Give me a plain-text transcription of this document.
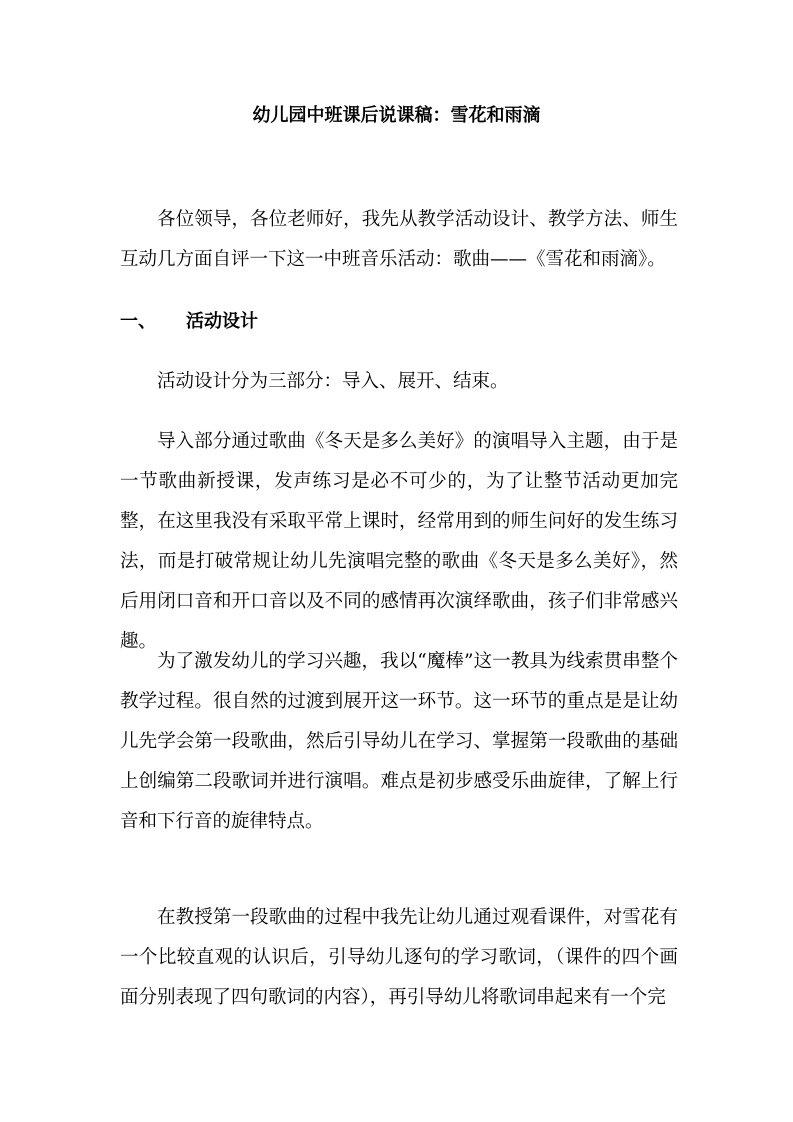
幼儿园中班课后说课稿：雪花和雨滴

各位领导，各位老师好，我先从教学活动设计、教学方法、师生互动几方面自评一下这一中班音乐活动：歌曲——《雪花和雨滴》。

一、 活动设计

活动设计分为三部分：导入、展开、结束。

导入部分通过歌曲《冬天是多么美好》的演唱导入主题，由于是一节歌曲新授课，发声练习是必不可少的，为了让整节活动更加完整，在这里我没有采取平常上课时，经常用到的师生问好的发生练习法，而是打破常规让幼儿先演唱完整的歌曲《冬天是多么美好》，然后用闭口音和开口音以及不同的感情再次演绎歌曲，孩子们非常感兴趣。

为了激发幼儿的学习兴趣，我以“魔棒”这一教具为线索贯串整个教学过程。很自然的过渡到展开这一环节。这一环节的重点是是让幼儿先学会第一段歌曲，然后引导幼儿在学习、掌握第一段歌曲的基础上创编第二段歌词并进行演唱。难点是初步感受乐曲旋律，了解上行音和下行音的旋律特点。

在教授第一段歌曲的过程中我先让幼儿通过观看课件，对雪花有一个比较直观的认识后，引导幼儿逐句的学习歌词，（课件的四个画面分别表现了四句歌词的内容），再引导幼儿将歌词串起来有一个完
